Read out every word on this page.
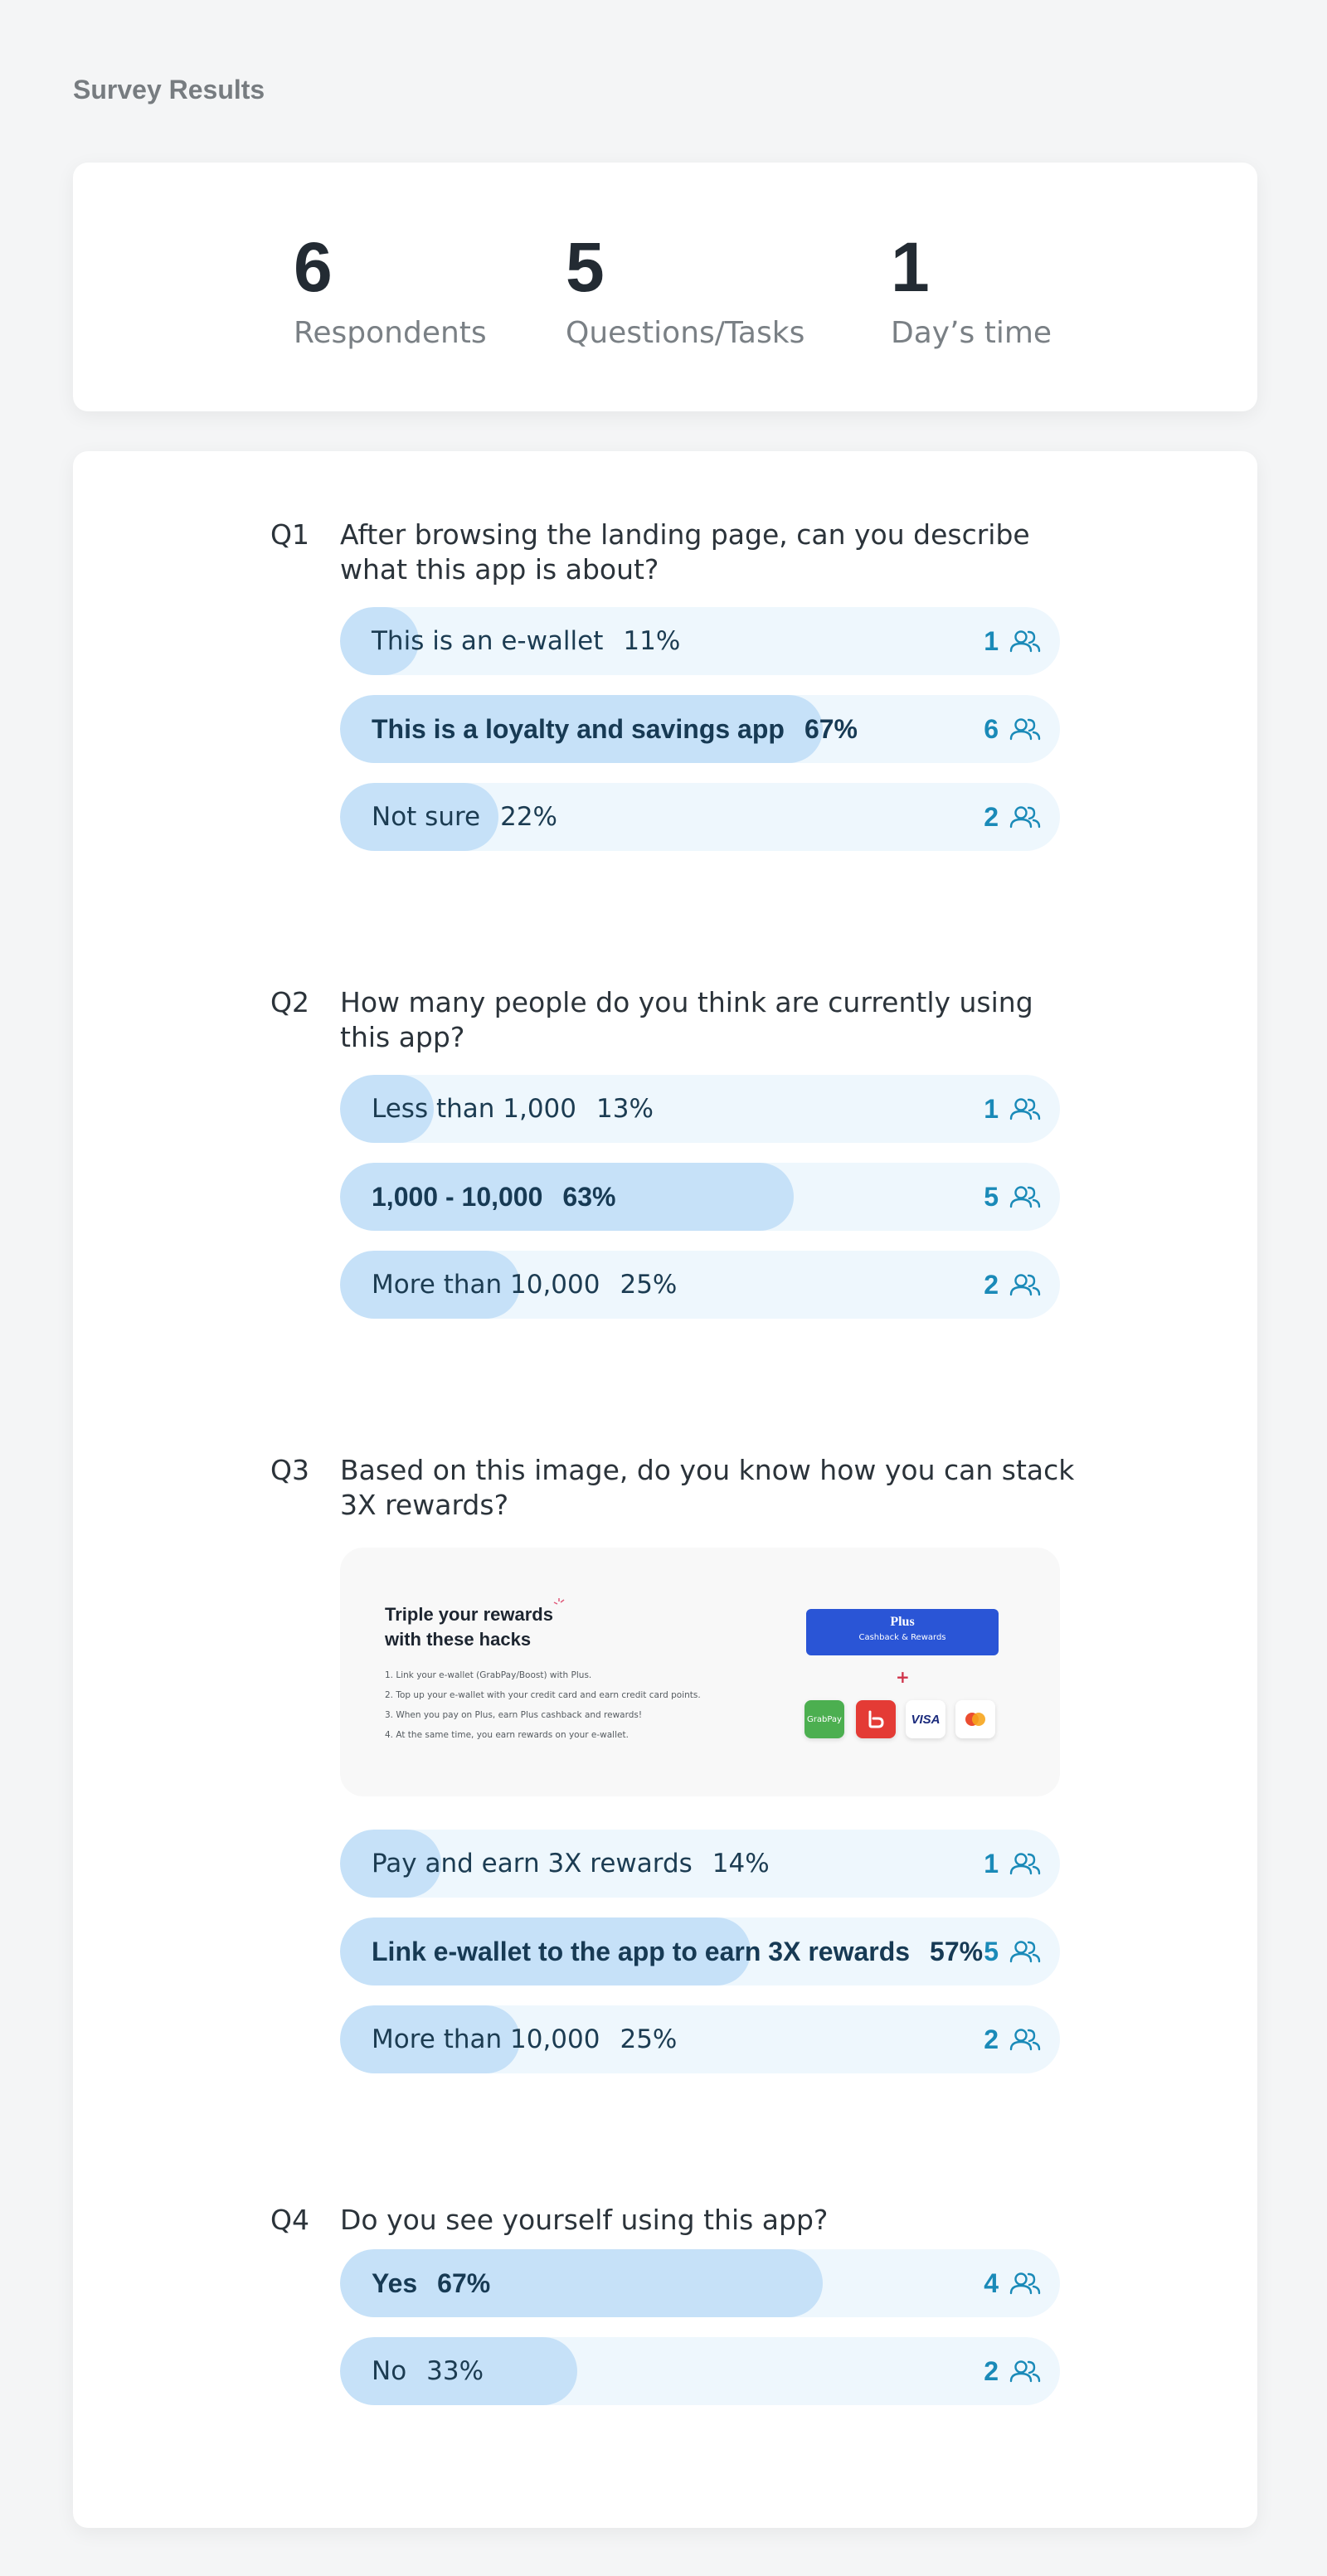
Survey Results
6
Respondents
5
Questions/Tasks
1
Day’s time
Q1 After browsing the landing page, can you describe what this app is about?
This is an e-wallet 11%	1
This is a loyalty and savings app 67%	6
Not sure 22%	2
Q2 How many people do you think are currently using this app?
Less than 1,000 13%	1
1,000 - 10,000 63%	5
More than 10,000 25%	2
Q3 Based on this image, do you know how you can stack 3X rewards?
Triple your rewards with these hacks
1. Link your e-wallet (GrabPay/Boost) with Plus.
2. Top up your e-wallet with your credit card and earn credit card points.
3. When you pay on Plus, earn Plus cashback and rewards!
4. At the same time, you earn rewards on your e-wallet.
Plus
Cashback & Rewards
+
GrabPay	VISA
Pay and earn 3X rewards 14%	1
Link e-wallet to the app to earn 3X rewards 57% 5
More than 10,000 25%	2
Q4 Do you see yourself using this app?
Yes 67%	4
No 33%	2
